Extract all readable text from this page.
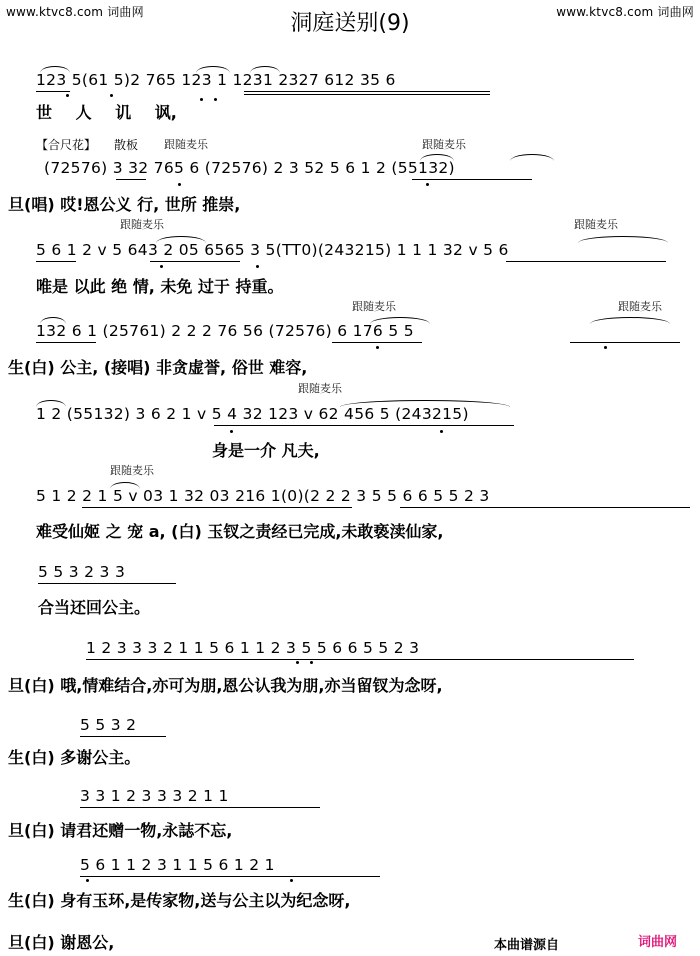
www.ktvc8.com 词曲网	洞庭送别(9)	www.ktvc8.com 词曲网
123 5(61 5)2 765 123 1 1231 2327 612 35 6
世 人 讥 讽,
【合尺花】 散板 跟随麦乐	跟随麦乐
(72576) 3 32 765 6 (72576) 2 3 52 5 6 1 2 (55132)
旦(唱) 哎!恩公义 行, 世所 推崇,
跟随麦乐	跟随麦乐
5 6 1 2 v 5 643 2 05 6565 3 5(TT0)(243215) 1 1 1 32 v 5 6
唯是 以此 绝 情, 未免 过于 持重。
跟随麦乐	跟随麦乐
132 6 1 (25761) 2 2 2 76 56 (72576) 6 176 5 5
生(白) 公主, (接唱) 非贪虚誉, 俗世 难容,
跟随麦乐
1 2 (55132) 3 6 2 1 v 5 4 32 123 v 62 456 5 (243215)
身是一介 凡夫,
跟随麦乐
5 1 2 2 1 5 v 03 1 32 03 216 1(0)(2 2 2 3 5 5 6 6 5 5 2 3
难受仙姬 之 宠 a, (白) 玉钗之责经已完成,未敢亵渎仙家,
5 5 3 2 3 3
合当还回公主。
1 2 3 3 3 2 1 1 5 6 1 1 2 3 5 5 6 6 5 5 2 3
旦(白) 哦,情难结合,亦可为朋,恩公认我为朋,亦当留钗为念呀,
5 5 3 2
生(白) 多谢公主。
3 3 1 2 3 3 3 2 1 1
旦(白) 请君还赠一物,永誌不忘,
5 6 1 1 2 3 1 1 5 6 1 2 1
生(白) 身有玉环,是传家物,送与公主以为纪念呀,
旦(白) 谢恩公,	本曲谱源自	词曲网
